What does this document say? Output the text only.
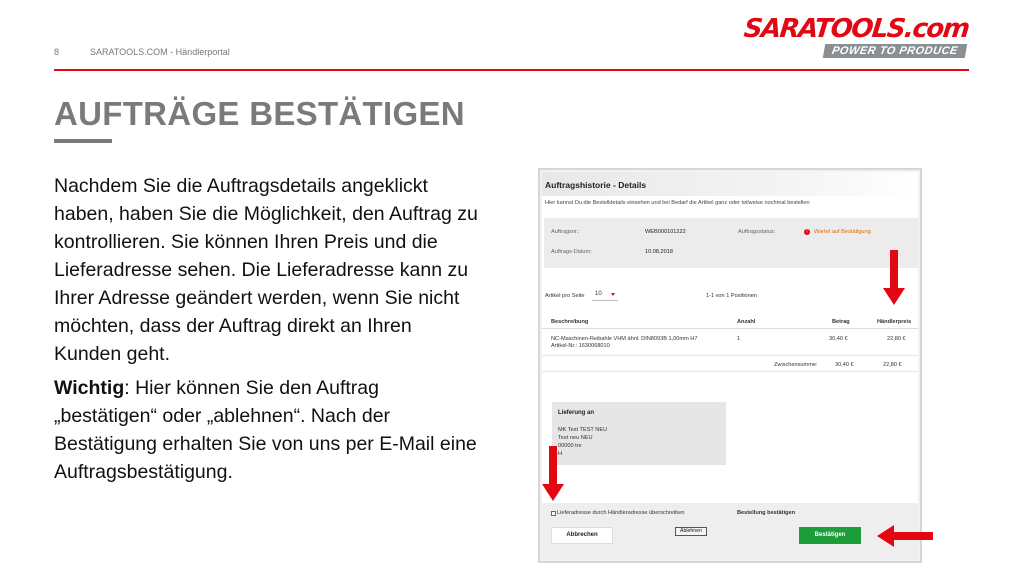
8	SARATOOLS.COM - Händlerportal
SARATOOLS.com
POWER TO PRODUCE
AUFTRÄGE BESTÄTIGEN

Nachdem Sie die Auftragsdetails angeklickt haben, haben Sie die Möglichkeit, den Auftrag zu kontrollieren. Sie können Ihren Preis und die Lieferadresse sehen. Die Lieferadresse kann zu Ihrer Adresse geändert werden, wenn Sie nicht möchten, dass der Auftrag direkt an Ihren Kunden geht.

Wichtig: Hier können Sie den Auftrag „bestätigen“ oder „ablehnen“. Nach der Bestätigung erhalten Sie von uns per E-Mail eine Auftragsbestätigung.

Auftragshistorie - Details
Hier kannst Du die Bestelldetails einsehen und bei Bedarf die Artikel ganz oder teilweise nochmal bestellen
Auftragsnr.:	WEB000101222	Auftragsstatus:	! Wartet auf Bestätigung
Auftrags-Datum:	10.08.2018
Artikel pro Seite	10	1-1 von 1 Positionen
Beschreibung	Anzahl	Betrag	Händlerpreis
NC-Maschinen-Reibahle VHM ähnl. DIN8093B 1,00mm H7
Artikel-Nr.: 1630068010
1	30,40 €	22,80 €
Zwischensumme:	30,40 €	22,80 €
Lieferung an
MK Test TEST NEU
Test neu NEU
00000 tre
H
Lieferadresse durch Händleradresse überschreiben	Bestellung bestätigen
Abbrechen
Ablehnen
Bestätigen
